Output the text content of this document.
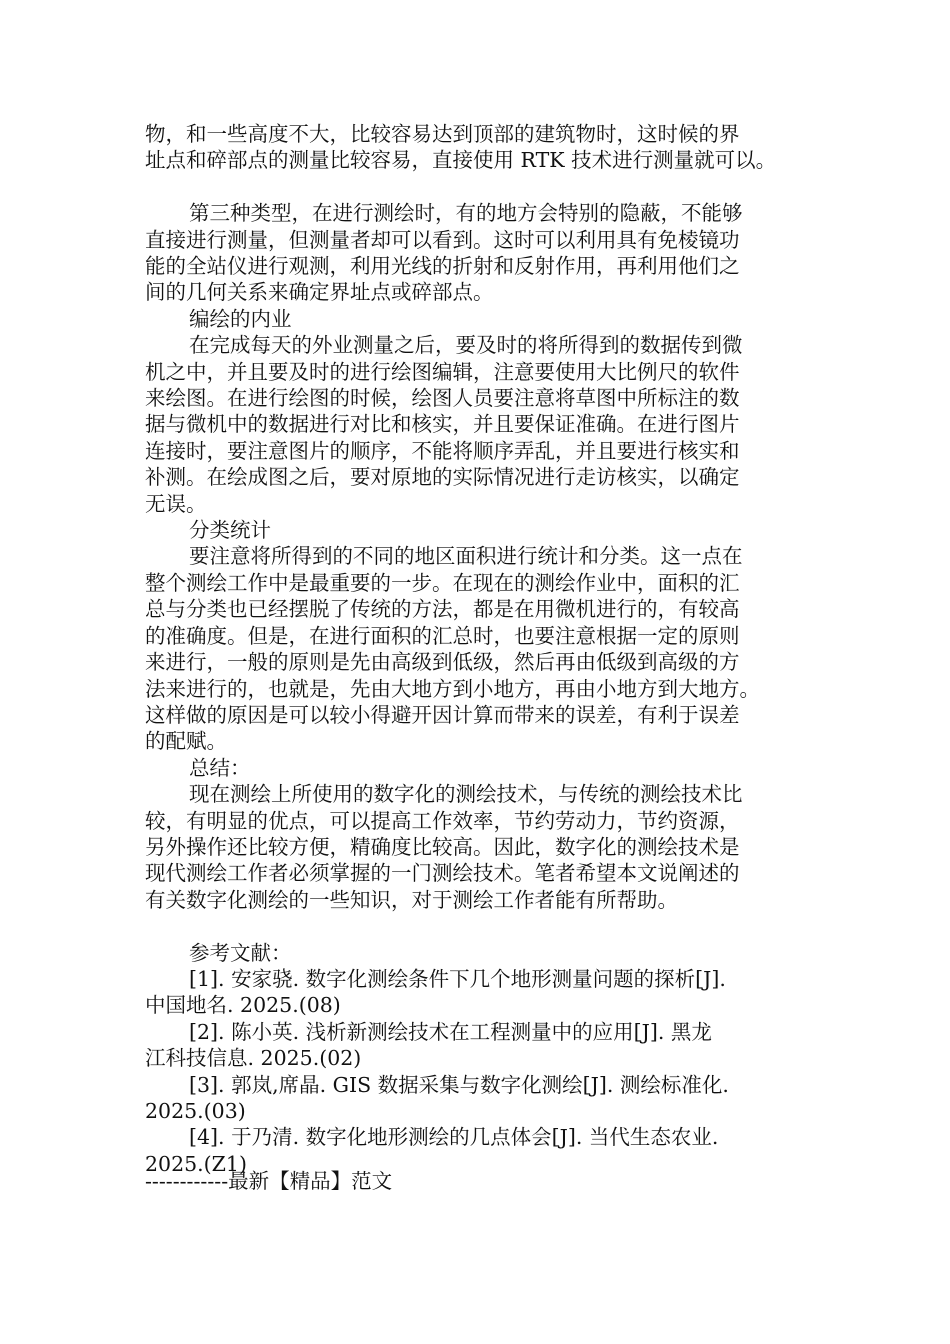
物，和一些高度不大，比较容易达到顶部的建筑物时，这时候的界
址点和碎部点的测量比较容易，直接使用 RTK 技术进行测量就可以。

第三种类型，在进行测绘时，有的地方会特别的隐蔽，不能够
直接进行测量，但测量者却可以看到。这时可以利用具有免棱镜功
能的全站仪进行观测，利用光线的折射和反射作用，再利用他们之
间的几何关系来确定界址点或碎部点。

编绘的内业

在完成每天的外业测量之后，要及时的将所得到的数据传到微
机之中，并且要及时的进行绘图编辑，注意要使用大比例尺的软件
来绘图。在进行绘图的时候，绘图人员要注意将草图中所标注的数
据与微机中的数据进行对比和核实，并且要保证准确。在进行图片
连接时，要注意图片的顺序，不能将顺序弄乱，并且要进行核实和
补测。在绘成图之后，要对原地的实际情况进行走访核实，以确定
无误。

分类统计

要注意将所得到的不同的地区面积进行统计和分类。这一点在
整个测绘工作中是最重要的一步。在现在的测绘作业中，面积的汇
总与分类也已经摆脱了传统的方法，都是在用微机进行的，有较高
的准确度。但是，在进行面积的汇总时，也要注意根据一定的原则
来进行，一般的原则是先由高级到低级，然后再由低级到高级的方
法来进行的，也就是，先由大地方到小地方，再由小地方到大地方。
这样做的原因是可以较小得避开因计算而带来的误差，有利于误差
的配赋。

总结：

现在测绘上所使用的数字化的测绘技术，与传统的测绘技术比
较，有明显的优点，可以提高工作效率，节约劳动力，节约资源，
另外操作还比较方便，精确度比较高。因此，数字化的测绘技术是
现代测绘工作者必须掌握的一门测绘技术。笔者希望本文说阐述的
有关数字化测绘的一些知识，对于测绘工作者能有所帮助。

参考文献：

[1]. 安家骁. 数字化测绘条件下几个地形测量问题的探析[J].
中国地名. 2025.(08)

[2]. 陈小英. 浅析新测绘技术在工程测量中的应用[J]. 黑龙
江科技信息. 2025.(02)

[3]. 郭岚,席晶. GIS 数据采集与数字化测绘[J]. 测绘标准化.
2025.(03)

[4]. 于乃清. 数字化地形测绘的几点体会[J]. 当代生态农业.
2025.(Z1)

------------最新【精品】范文
